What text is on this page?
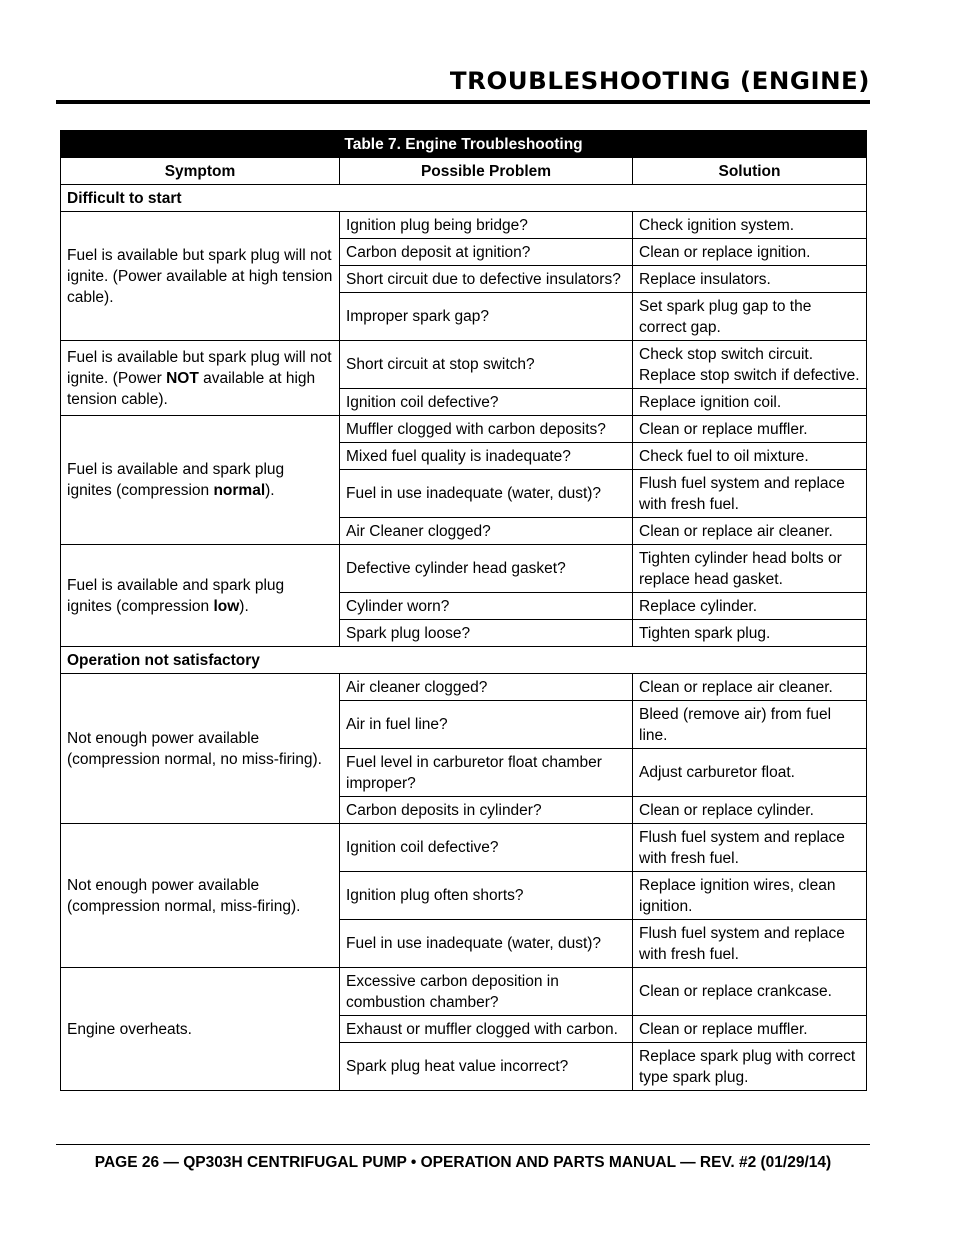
TROUBLESHOOTING (ENGINE)
Table 7. Engine Troubleshooting		
Symptom	Possible Problem	Solution
Difficult to start		
Fuel is available but spark plug will not ignite. (Power available at high tension cable).	Ignition plug being bridge?	Check ignition system.
	Carbon deposit at ignition?	Clean or replace ignition.
	Short circuit due to defective insulators?	Replace insulators.
	Improper spark gap?	Set spark plug gap to the correct gap.
Fuel is available but spark plug will not ignite. (Power NOT available at high tension cable).	Short circuit at stop switch?	Check stop switch circuit. Replace stop switch if defective.
	Ignition coil defective?	Replace ignition coil.
Fuel is available and spark plug ignites (compression normal).	Muffler clogged with carbon deposits?	Clean or replace muffler.
	Mixed fuel quality is inadequate?	Check fuel to oil mixture.
	Fuel in use inadequate (water, dust)?	Flush fuel system and replace with fresh fuel.
	Air Cleaner clogged?	Clean or replace air cleaner.
Fuel is available and spark plug ignites (compression low).	Defective cylinder head gasket?	Tighten cylinder head bolts or replace head gasket.
	Cylinder worn?	Replace cylinder.
	Spark plug loose?	Tighten spark plug.
Operation not satisfactory		
Not enough power available (compression normal, no miss-firing).	Air cleaner clogged?	Clean or replace air cleaner.
	Air in fuel line?	Bleed (remove air) from fuel line.
	Fuel level in carburetor float chamber improper?	Adjust carburetor float.
	Carbon deposits in cylinder?	Clean or replace cylinder.
Not enough power available (compression normal, miss-firing).	Ignition coil defective?	Flush fuel system and replace with fresh fuel.
	Ignition plug often shorts?	Replace ignition wires, clean ignition.
	Fuel in use inadequate (water, dust)?	Flush fuel system and replace with fresh fuel.
Engine overheats.	Excessive carbon deposition in combustion chamber?	Clean or replace crankcase.
	Exhaust or muffler clogged with carbon.	Clean or replace muffler.
	Spark plug heat value incorrect?	Replace spark plug with correct type spark plug.
PAGE 26 — QP303H CENTRIFUGAL PUMP • OPERATION AND PARTS MANUAL — REV. #2 (01/29/14)
